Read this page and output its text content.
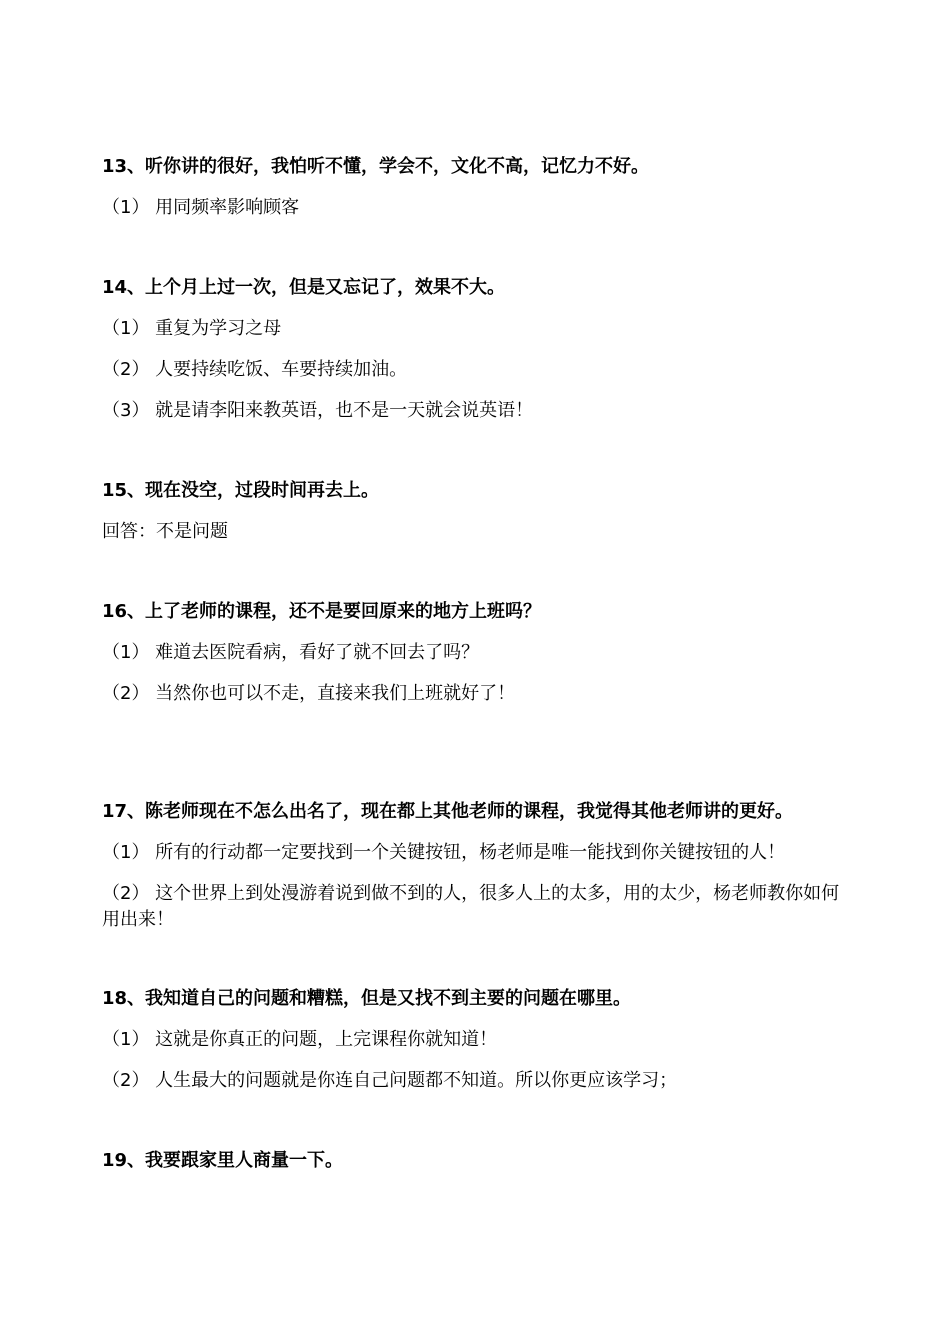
13、听你讲的很好，我怕听不懂，学会不，文化不高，记忆力不好。
（1） 用同频率影响顾客
14、上个月上过一次，但是又忘记了，效果不大。
（1） 重复为学习之母
（2） 人要持续吃饭、车要持续加油。
（3） 就是请李阳来教英语，也不是一天就会说英语！
15、现在没空，过段时间再去上。
回答：不是问题
16、上了老师的课程，还不是要回原来的地方上班吗？
（1） 难道去医院看病，看好了就不回去了吗？
（2） 当然你也可以不走，直接来我们上班就好了！
17、陈老师现在不怎么出名了，现在都上其他老师的课程，我觉得其他老师讲的更好。
（1） 所有的行动都一定要找到一个关键按钮，杨老师是唯一能找到你关键按钮的人！
（2） 这个世界上到处漫游着说到做不到的人，很多人上的太多，用的太少，杨老师教你如何用出来！
18、我知道自己的问题和糟糕，但是又找不到主要的问题在哪里。
（1） 这就是你真正的问题，上完课程你就知道！
（2） 人生最大的问题就是你连自己问题都不知道。所以你更应该学习；
19、我要跟家里人商量一下。
